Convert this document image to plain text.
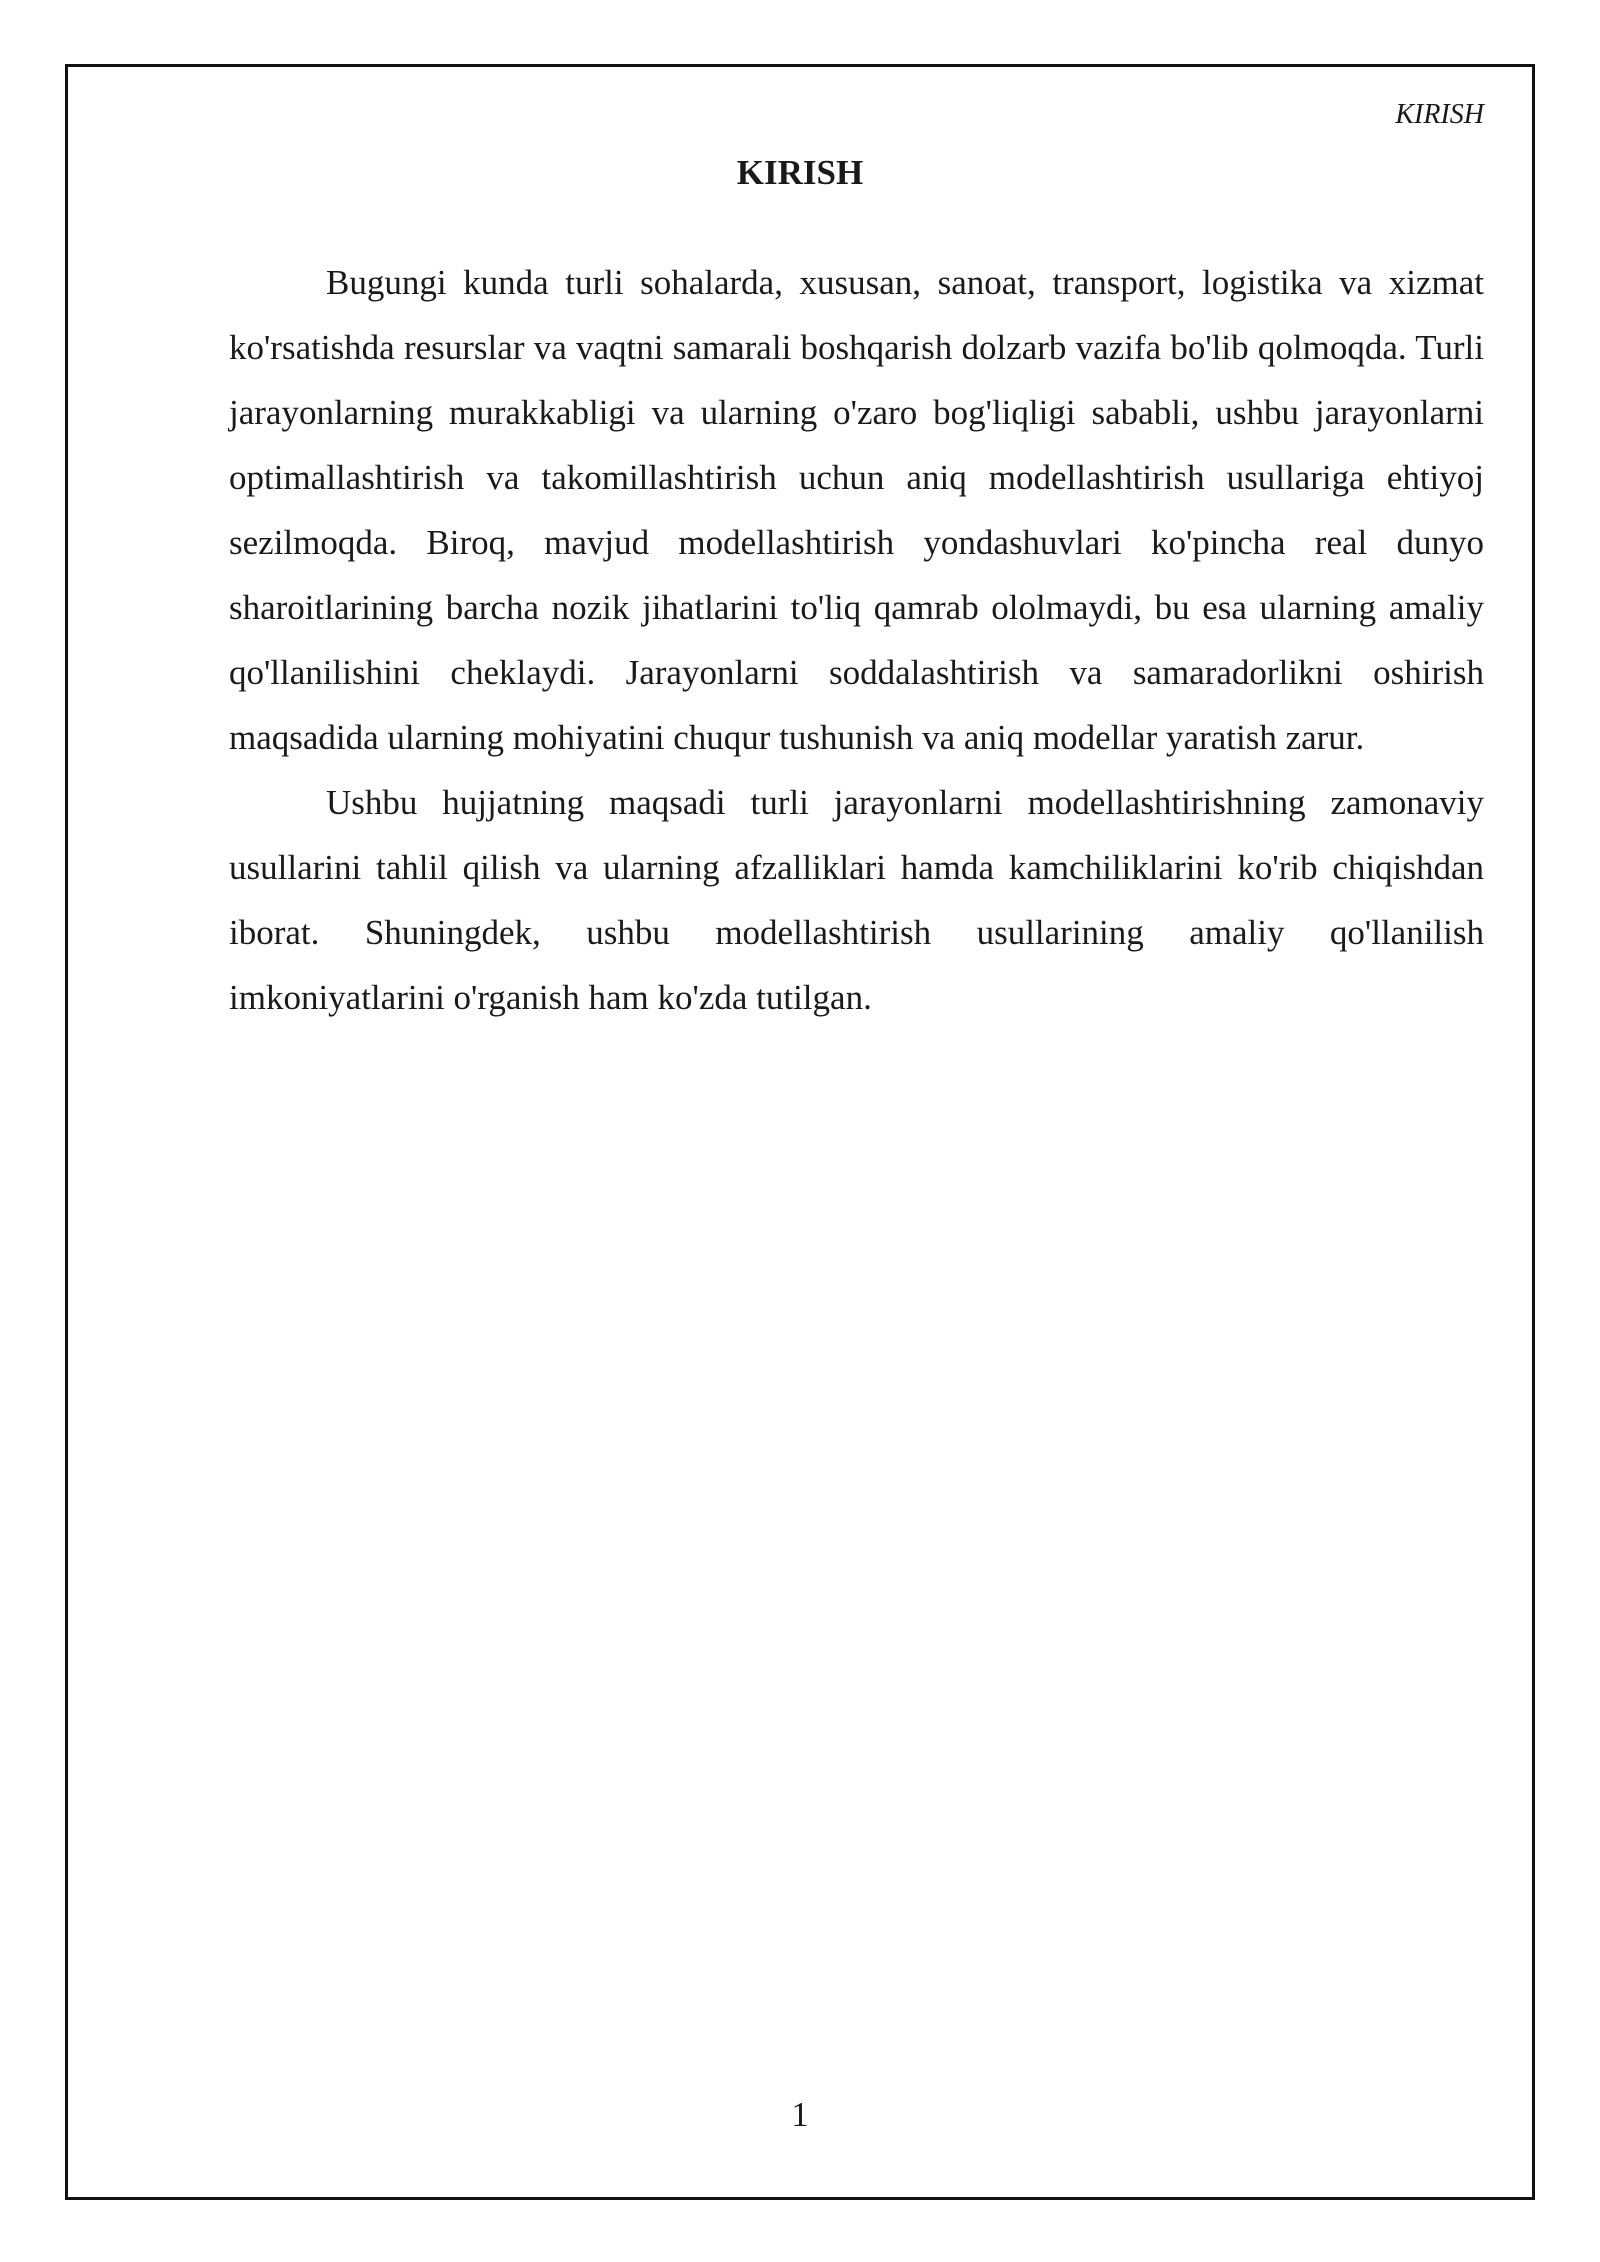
KIRISH
KIRISH

Bugungi kunda turli sohalarda, xususan, sanoat, transport, logistika va xizmat ko'rsatishda resurslar va vaqtni samarali boshqarish dolzarb vazifa bo'lib qolmoqda. Turli jarayonlarning murakkabligi va ularning o'zaro bog'liqligi sababli, ushbu jarayonlarni optimallashtirish va takomillashtirish uchun aniq modellashtirish usullariga ehtiyoj sezilmoqda. Biroq, mavjud modellashtirish yondashuvlari ko'pincha real dunyo sharoitlarining barcha nozik jihatlarini to'liq qamrab ololmaydi, bu esa ularning amaliy qo'llanilishini cheklaydi. Jarayonlarni soddalashtirish va samaradorlikni oshirish maqsadida ularning mohiyatini chuqur tushunish va aniq modellar yaratish zarur.

Ushbu hujjatning maqsadi turli jarayonlarni modellashtirishning zamonaviy usullarini tahlil qilish va ularning afzalliklari hamda kamchiliklarini ko'rib chiqishdan iborat. Shuningdek, ushbu modellashtirish usullarining amaliy qo'llanilish imkoniyatlarini o'rganish ham ko'zda tutilgan.

1
